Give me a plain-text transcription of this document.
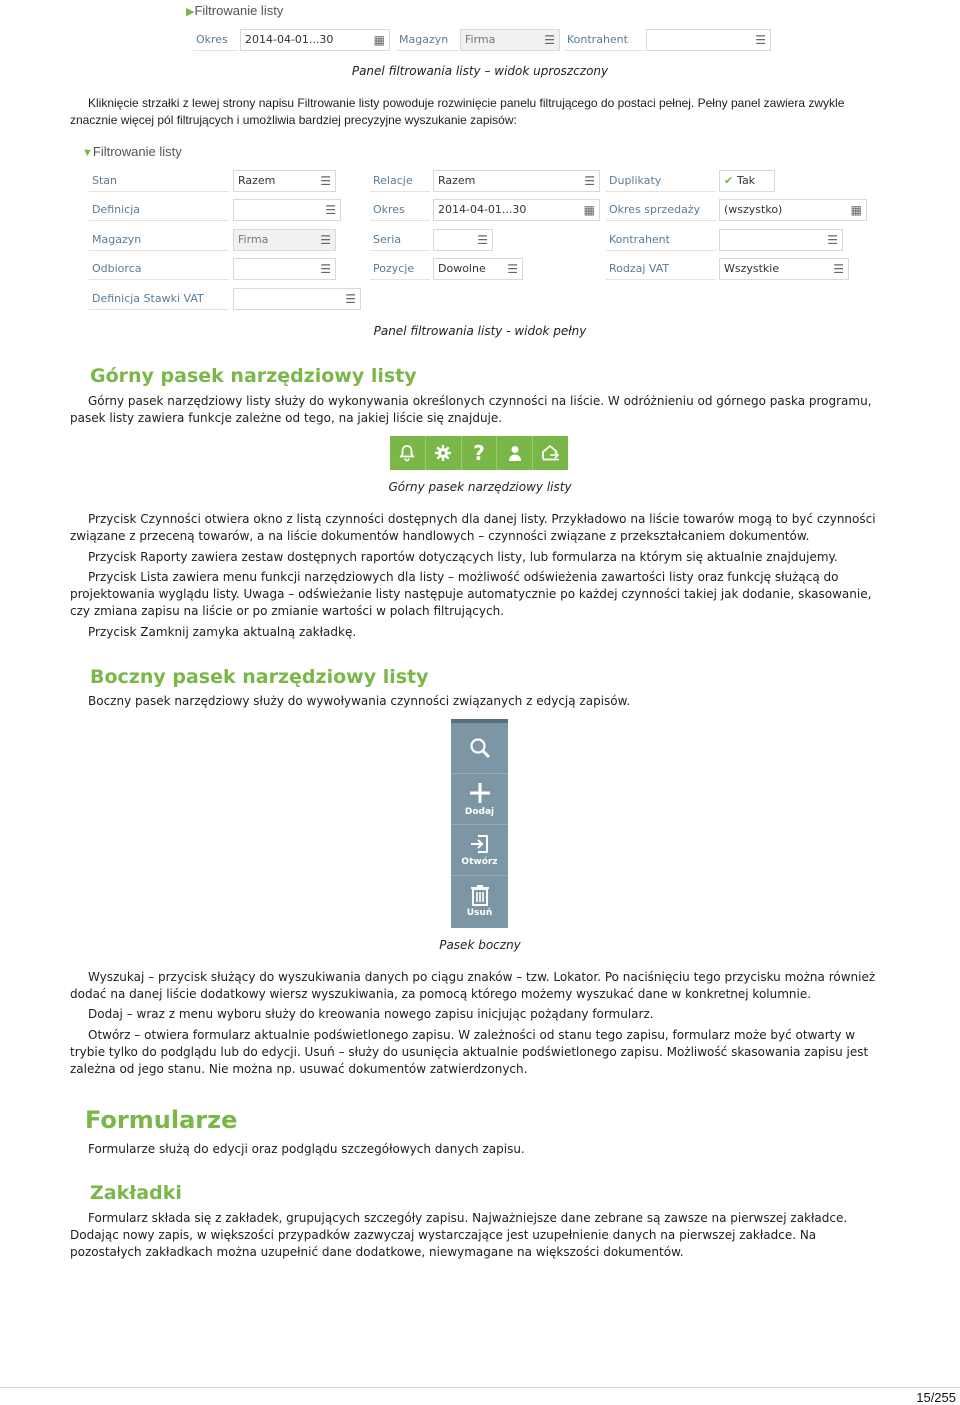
▶Filtrowanie listy
Okres	2014-04-01...30	▦ Magazyn	Firma	☰ Kontrahent	☰
Panel filtrowania listy – widok uproszczony

Kliknięcie strzałki z lewej strony napisu Filtrowanie listy powoduje rozwinięcie panelu filtrującego do postaci pełnej. Pełny panel zawiera zwykle znacznie więcej pól filtrujących i umożliwia bardziej precyzyjne wyszukanie zapisów:

▼Filtrowanie listy
Stan	Razem	☰	Relacje	Razem	☰ Duplikaty	✔ Tak
Definicja	☰	Okres	2014-04-01...30	▦ Okres sprzedaży	(wszystko)	▦
Magazyn	Firma	☰	Seria	☰	Kontrahent	☰
Odbiorca	☰	Pozycje	Dowolne ☰	Rodzaj VAT	Wszystkie	☰
Definicja Stawki VAT	☰
Panel filtrowania listy - widok pełny
Górny pasek narzędziowy listy

Górny pasek narzędziowy listy służy do wykonywania określonych czynności na liście. W odróżnieniu od górnego paska programu, pasek listy zawiera funkcje zależne od tego, na jakiej liście się znajduje.

?
Górny pasek narzędziowy listy

Przycisk Czynności otwiera okno z listą czynności dostępnych dla danej listy. Przykładowo na liście towarów mogą to być czynności związane z przeceną towarów, a na liście dokumentów handlowych – czynności związane z przekształcaniem dokumentów.

Przycisk Raporty zawiera zestaw dostępnych raportów dotyczących listy, lub formularza na którym się aktualnie znajdujemy.

Przycisk Lista zawiera menu funkcji narzędziowych dla listy – możliwość odświeżenia zawartości listy oraz funkcję służącą do projektowania wyglądu listy. Uwaga – odświeżanie listy następuje automatycznie po każdej czynności takiej jak dodanie, skasowanie, czy zmiana zapisu na liście or po zmianie wartości w polach filtrujących.

Przycisk Zamknij zamyka aktualną zakładkę.

Boczny pasek narzędziowy listy

Boczny pasek narzędziowy służy do wywoływania czynności związanych z edycją zapisów.

Dodaj
Otwórz
Usuń
Pasek boczny

Wyszukaj – przycisk służący do wyszukiwania danych po ciągu znaków – tzw. Lokator. Po naciśnięciu tego przycisku można również dodać na danej liście dodatkowy wiersz wyszukiwania, za pomocą którego możemy wyszukać dane w konkretnej kolumnie.

Dodaj – wraz z menu wyboru służy do kreowania nowego zapisu inicjując pożądany formularz.

Otwórz – otwiera formularz aktualnie podświetlonego zapisu. W zależności od stanu tego zapisu, formularz może być otwarty w trybie tylko do podglądu lub do edycji. Usuń – służy do usunięcia aktualnie podświetlonego zapisu. Możliwość skasowania zapisu jest zależna od jego stanu. Nie można np. usuwać dokumentów zatwierdzonych.

Formularze

Formularze służą do edycji oraz podglądu szczegółowych danych zapisu.

Zakładki

Formularz składa się z zakładek, grupujących szczegóły zapisu. Najważniejsze dane zebrane są zawsze na pierwszej zakładce. Dodając nowy zapis, w większości przypadków zazwyczaj wystarczające jest uzupełnienie danych na pierwszej zakładce. Na pozostałych zakładkach można uzupełnić dane dodatkowe, niewymagane na większości dokumentów.

15/255
